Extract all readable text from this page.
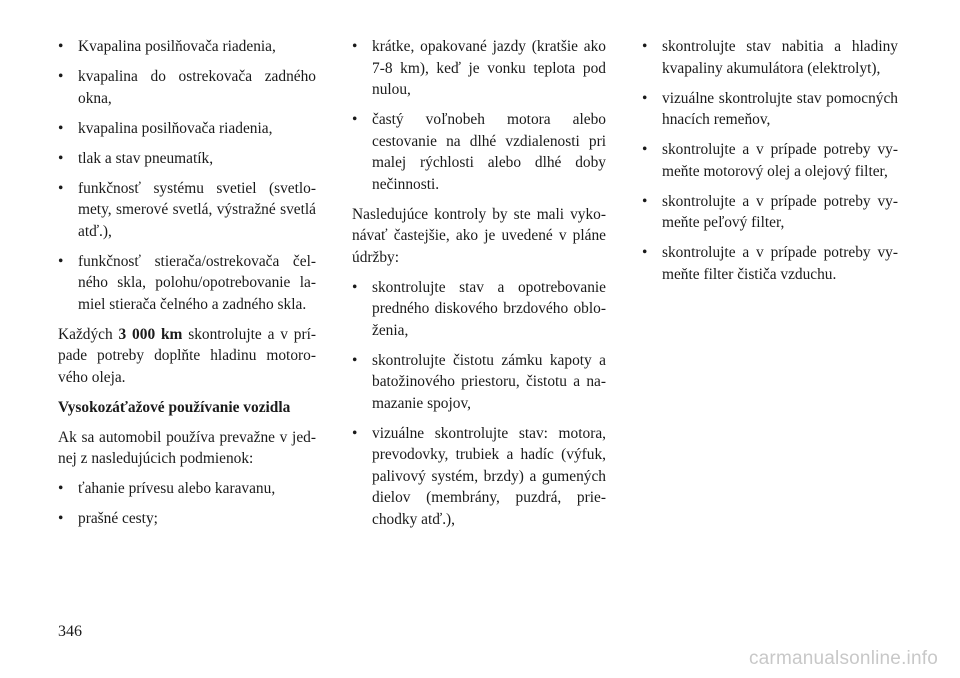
• Kvapalina posilňovača riadenia,
• kvapalina do ostrekovača zadného okna,
• kvapalina posilňovača riadenia,
• tlak a stav pneumatík,
• funkčnosť systému svetiel (svetlomety, smerové svetlá, výstražné svetlá atď.),
• funkčnosť stierača/ostrekovača čelného skla, polohu/opotrebovanie lamiel stierača čelného a zadného skla.

Každých 3 000 km skontrolujte a v prípade potreby doplňte hladinu motorového oleja.

Vysokozáťažové používanie vozidla

Ak sa automobil používa prevažne v jednej z nasledujúcich podmienok:

• ťahanie prívesu alebo karavanu,
• prašné cesty;
• krátke, opakované jazdy (kratšie ako 7-8 km), keď je vonku teplota pod nulou,
• častý voľnobeh motora alebo cestovanie na dlhé vzdialenosti pri malej rýchlosti alebo dlhé doby nečinnosti.

Nasledujúce kontroly by ste mali vykonávať častejšie, ako je uvedené v pláne údržby:

• skontrolujte stav a opotrebovanie predného diskového brzdového obloženia,
• skontrolujte čistotu zámku kapoty a batožinového priestoru, čistotu a namazanie spojov,
• vizuálne skontrolujte stav: motora, prevodovky, trubiek a hadíc (výfuk, palivový systém, brzdy) a gumených dielov (membrány, puzdrá, priechodky atď.),
• skontrolujte stav nabitia a hladiny kvapaliny akumulátora (elektrolyt),
• vizuálne skontrolujte stav pomocných hnacích remeňov,
• skontrolujte a v prípade potreby vymeňte motorový olej a olejový filter,
• skontrolujte a v prípade potreby vymeňte peľový filter,
• skontrolujte a v prípade potreby vymeňte filter čističa vzduchu.
346
carmanualsonline.info
